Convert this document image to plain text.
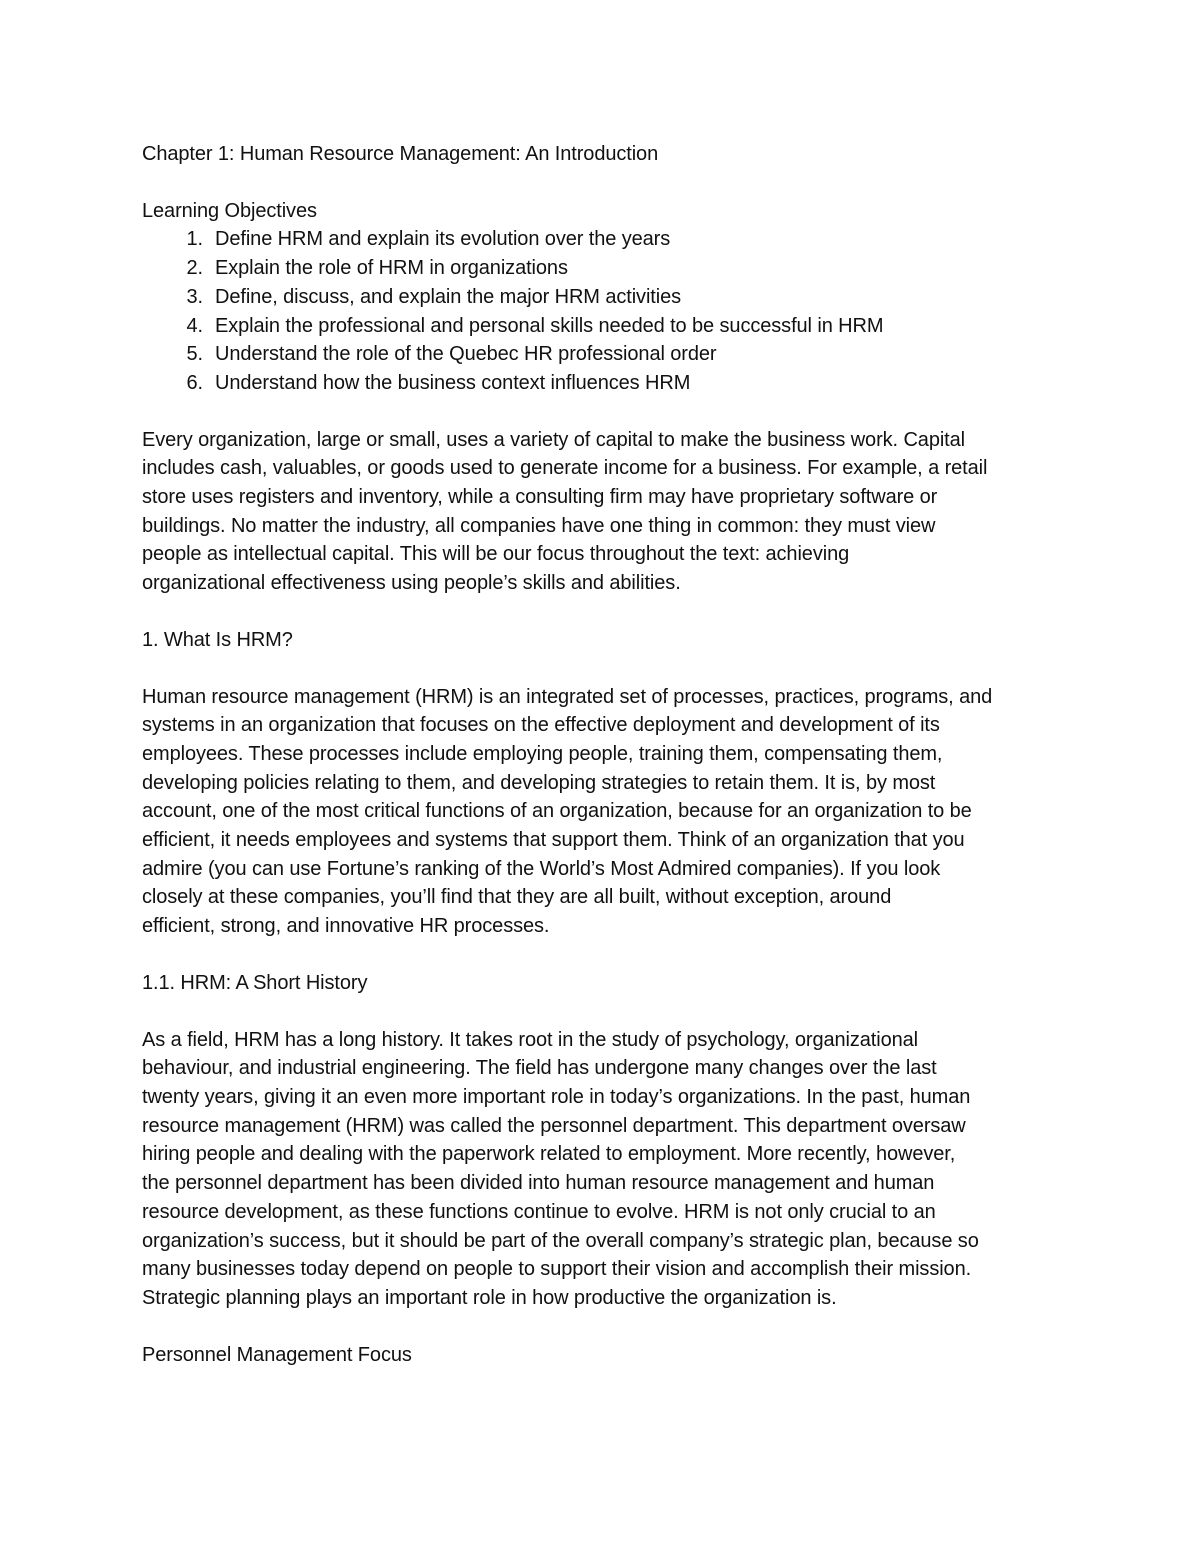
Chapter 1: Human Resource Management: An Introduction

Learning Objectives

1. Define HRM and explain its evolution over the years
2. Explain the role of HRM in organizations
3. Define, discuss, and explain the major HRM activities
4. Explain the professional and personal skills needed to be successful in HRM
5. Understand the role of the Quebec HR professional order
6. Understand how the business context influences HRM

Every organization, large or small, uses a variety of capital to make the business work. Capital

includes cash, valuables, or goods used to generate income for a business. For example, a retail

store uses registers and inventory, while a consulting firm may have proprietary software or

buildings. No matter the industry, all companies have one thing in common: they must view

people as intellectual capital. This will be our focus throughout the text: achieving

organizational effectiveness using people’s skills and abilities.

1. What Is HRM?

Human resource management (HRM) is an integrated set of processes, practices, programs, and

systems in an organization that focuses on the effective deployment and development of its

employees. These processes include employing people, training them, compensating them,

developing policies relating to them, and developing strategies to retain them. It is, by most

account, one of the most critical functions of an organization, because for an organization to be

efficient, it needs employees and systems that support them. Think of an organization that you

admire (you can use Fortune’s ranking of the World’s Most Admired companies). If you look

closely at these companies, you’ll find that they are all built, without exception, around

efficient, strong, and innovative HR processes.

1.1. HRM: A Short History

As a field, HRM has a long history. It takes root in the study of psychology, organizational

behaviour, and industrial engineering. The field has undergone many changes over the last

twenty years, giving it an even more important role in today’s organizations. In the past, human

resource management (HRM) was called the personnel department. This department oversaw

hiring people and dealing with the paperwork related to employment. More recently, however,

the personnel department has been divided into human resource management and human

resource development, as these functions continue to evolve. HRM is not only crucial to an

organization’s success, but it should be part of the overall company’s strategic plan, because so

many businesses today depend on people to support their vision and accomplish their mission.

Strategic planning plays an important role in how productive the organization is.

Personnel Management Focus
